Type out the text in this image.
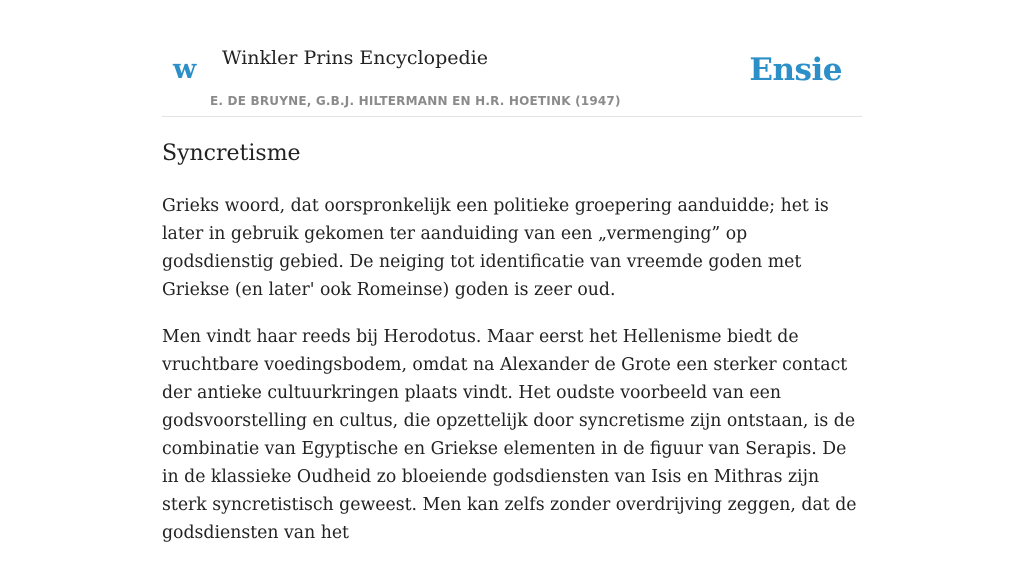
w Winkler Prins Encyclopedie
E. DE BRUYNE, G.B.J. HILTERMANN EN H.R. HOETINK (1947)
Ensie
Syncretisme

Grieks woord, dat oorspronkelijk een politieke groepering aanduidde; het is later in gebruik gekomen ter aanduiding van een „vermenging” op godsdienstig gebied. De neiging tot identificatie van vreemde goden met Griekse (en later' ook Romeinse) goden is zeer oud.

Men vindt haar reeds bij Herodotus. Maar eerst het Hellenisme biedt de vruchtbare voedingsbodem, omdat na Alexander de Grote een sterker contact der antieke cultuurkringen plaats vindt. Het oudste voorbeeld van een godsvoorstelling en cultus, die opzettelijk door syncretisme zijn ontstaan, is de combinatie van Egyptische en Griekse elementen in de figuur van Serapis. De in de klassieke Oudheid zo bloeiende godsdiensten van Isis en Mithras zijn sterk syncretistisch geweest. Men kan zelfs zonder overdrijving zeggen, dat de godsdiensten van het
